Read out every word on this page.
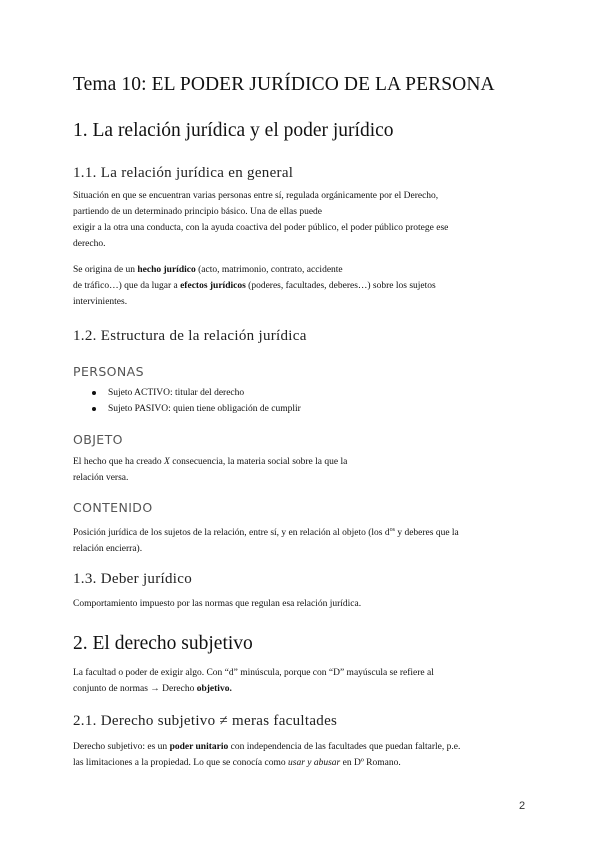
Tema 10: EL PODER JURÍDICO DE LA PERSONA
1. La relación jurídica y el poder jurídico
1.1. La relación jurídica en general

Situación en que se encuentran varias personas entre sí, regulada orgánicamente por el Derecho,
partiendo de un determinado principio básico. Una de ellas puede
exigir a la otra una conducta, con la ayuda coactiva del poder público, el poder público protege ese
derecho.

Se origina de un hecho jurídico (acto, matrimonio, contrato, accidente
de tráfico…) que da lugar a efectos jurídicos (poderes, facultades, deberes…) sobre los sujetos
intervinientes.

1.2. Estructura de la relación jurídica
PERSONAS
Sujeto ACTIVO: titular del derecho
Sujeto PASIVO: quien tiene obligación de cumplir
OBJETO

El hecho que ha creado X consecuencia, la materia social sobre la que la
relación versa.

CONTENIDO

Posición jurídica de los sujetos de la relación, entre sí, y en relación al objeto (los $d^{os}$ y deberes que la
relación encierra).

1.3. Deber jurídico

Comportamiento impuesto por las normas que regulan esa relación jurídica.

2. El derecho subjetivo

La facultad o poder de exigir algo. Con “d” minúscula, porque con “D” mayúscula se refiere al
conjunto de normas → Derecho objetivo.

2.1. Derecho subjetivo ≠ meras facultades

Derecho subjetivo: es un poder unitario con independencia de las facultades que puedan faltarle, p.e.
las limitaciones a la propiedad. Lo que se conocía como usar y abusar en Dº Romano.

2
